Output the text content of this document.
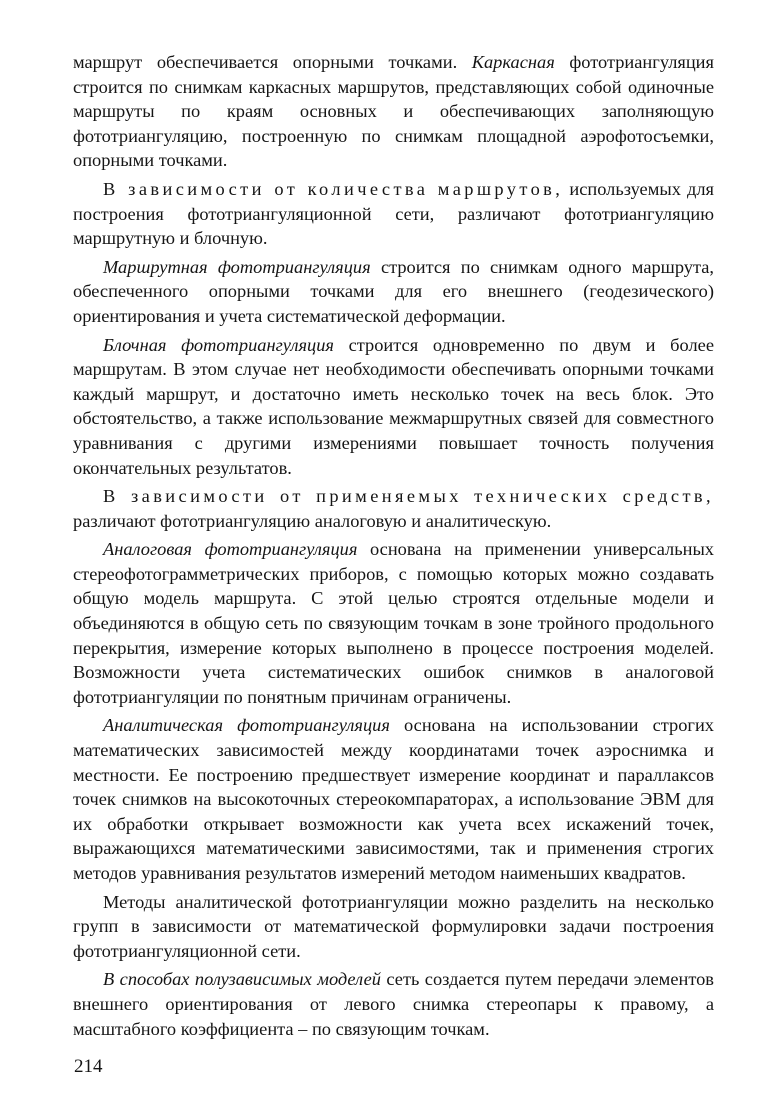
маршрут обеспечивается опорными точками. Каркасная фототриангуляция строится по снимкам каркасных маршрутов, представляющих собой одиночные маршруты по краям основных и обеспечивающих заполняющую фототриангуляцию, построенную по снимкам площадной аэрофотосъемки, опорными точками.

В зависимости от количества маршрутов, используемых для построения фототриангуляционной сети, различают фототриангуляцию маршрутную и блочную.

Маршрутная фототриангуляция строится по снимкам одного маршрута, обеспеченного опорными точками для его внешнего (геодезического) ориентирования и учета систематической деформации.

Блочная фототриангуляция строится одновременно по двум и более маршрутам. В этом случае нет необходимости обеспечивать опорными точками каждый маршрут, и достаточно иметь несколько точек на весь блок. Это обстоятельство, а также использование межмаршрутных связей для совместного уравнивания с другими измерениями повышает точность получения окончательных результатов.

В зависимости от применяемых технических средств, различают фототриангуляцию аналоговую и аналитическую.

Аналоговая фототриангуляция основана на применении универсальных стереофотограмметрических приборов, с помощью которых можно создавать общую модель маршрута. С этой целью строятся отдельные модели и объединяются в общую сеть по связующим точкам в зоне тройного продольного перекрытия, измерение которых выполнено в процессе построения моделей. Возможности учета систематических ошибок снимков в аналоговой фототриангуляции по понятным причинам ограничены.

Аналитическая фототриангуляция основана на использовании строгих математических зависимостей между координатами точек аэроснимка и местности. Ее построению предшествует измерение координат и параллаксов точек снимков на высокоточных стереокомпараторах, а использование ЭВМ для их обработки открывает возможности как учета всех искажений точек, выражающихся математическими зависимостями, так и применения строгих методов уравнивания результатов измерений методом наименьших квадратов.

Методы аналитической фототриангуляции можно разделить на несколько групп в зависимости от математической формулировки задачи построения фототриангуляционной сети.

В способах полузависимых моделей сеть создается путем передачи элементов внешнего ориентирования от левого снимка стереопары к правому, а масштабного коэффициента – по связующим точкам.

214
